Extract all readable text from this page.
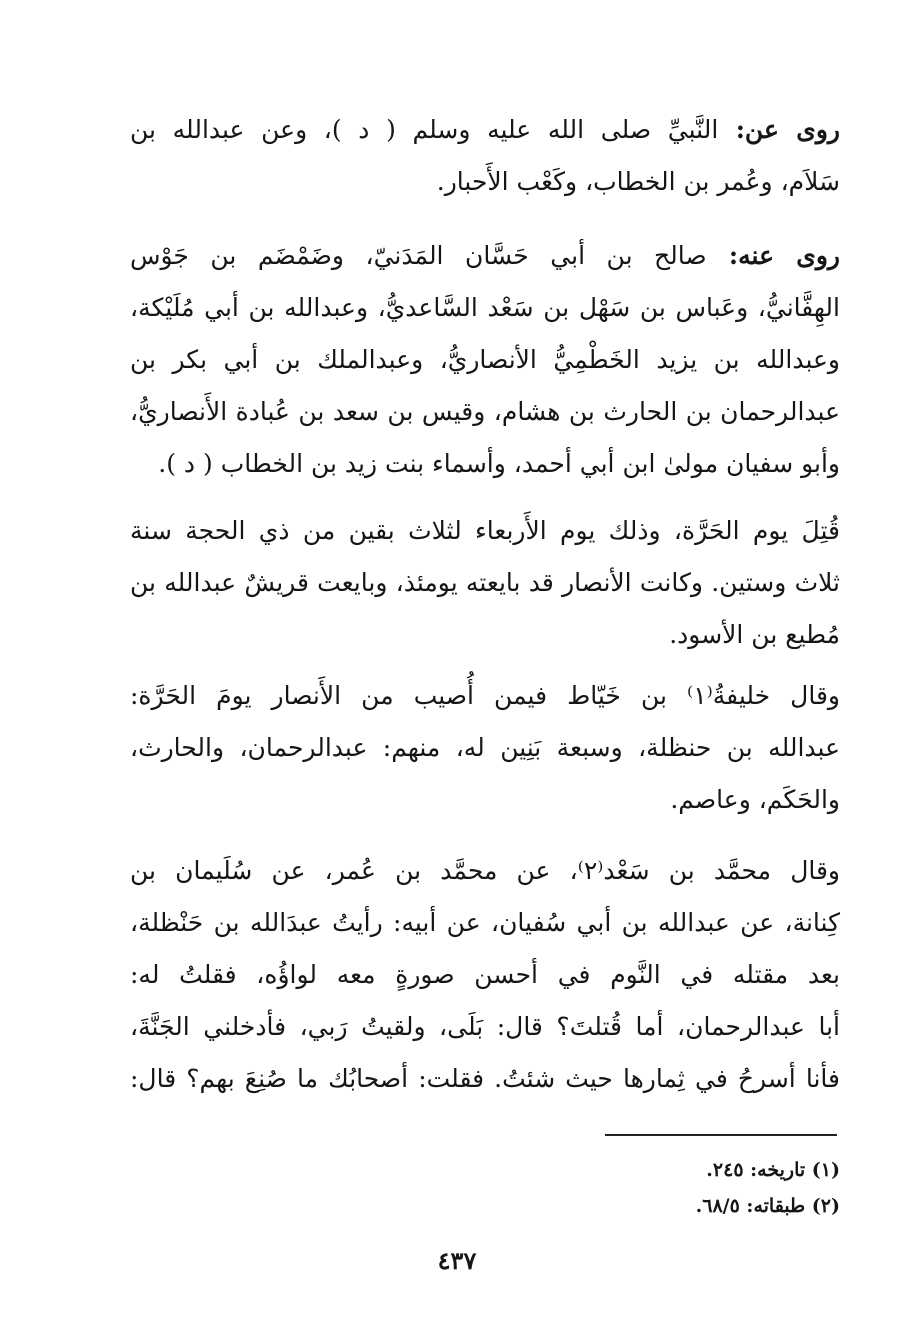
روى عن: النَّبيِّ صلى الله عليه وسلم ( د )، وعن عبدالله بن

سَلاَم، وعُمر بن الخطاب، وكَعْب الأَحبار.

روى عنه: صالح بن أبي حَسَّان المَدَنيّ، وضَمْضَم بن جَوْس

الهِفَّانيُّ، وعَباس بن سَهْل بن سَعْد السَّاعديُّ، وعبدالله بن أبي مُلَيْكة،

وعبدالله بن يزيد الخَطْمِيُّ الأنصاريُّ، وعبدالملك بن أبي بكر بن

عبدالرحمان بن الحارث بن هشام، وقيس بن سعد بن عُبادة الأَنصاريُّ،

وأبو سفيان مولىٰ ابن أبي أحمد، وأسماء بنت زيد بن الخطاب ( د ).

قُتِلَ يوم الحَرَّة، وذلك يوم الأَربعاء لثلاث بقين من ذي الحجة سنة

ثلاث وستين. وكانت الأنصار قد بايعته يومئذ، وبايعت قريشٌ عبدالله بن

مُطيع بن الأسود.

وقال خليفةُ⁽١⁾ بن خَيّاط فيمن أُصيب من الأَنصار يومَ الحَرَّة:

عبدالله بن حنظلة، وسبعة بَنِين له، منهم: عبدالرحمان، والحارث،

والحَكَم، وعاصم.

وقال محمَّد بن سَعْد⁽٢⁾، عن محمَّد بن عُمر، عن سُلَيمان بن

كِنانة، عن عبدالله بن أبي سُفيان، عن أبيه: رأيتُ عبدَالله بن حَنْظلة،

بعد مقتله في النَّوم في أحسن صورةٍ معه لواؤُه، فقلتُ له:

أبا عبدالرحمان، أما قُتلتَ؟ قال: بَلَى، ولقيتُ رَبي، فأدخلني الجَنَّةَ،

فأنا أسرحُ في ثِمارها حيث شئتُ. فقلت: أصحابُك ما صُنِعَ بهم؟ قال:

(١) تاريخه: ٢٤٥.

(٢) طبقاته: ٦٨/٥.

٤٣٧
